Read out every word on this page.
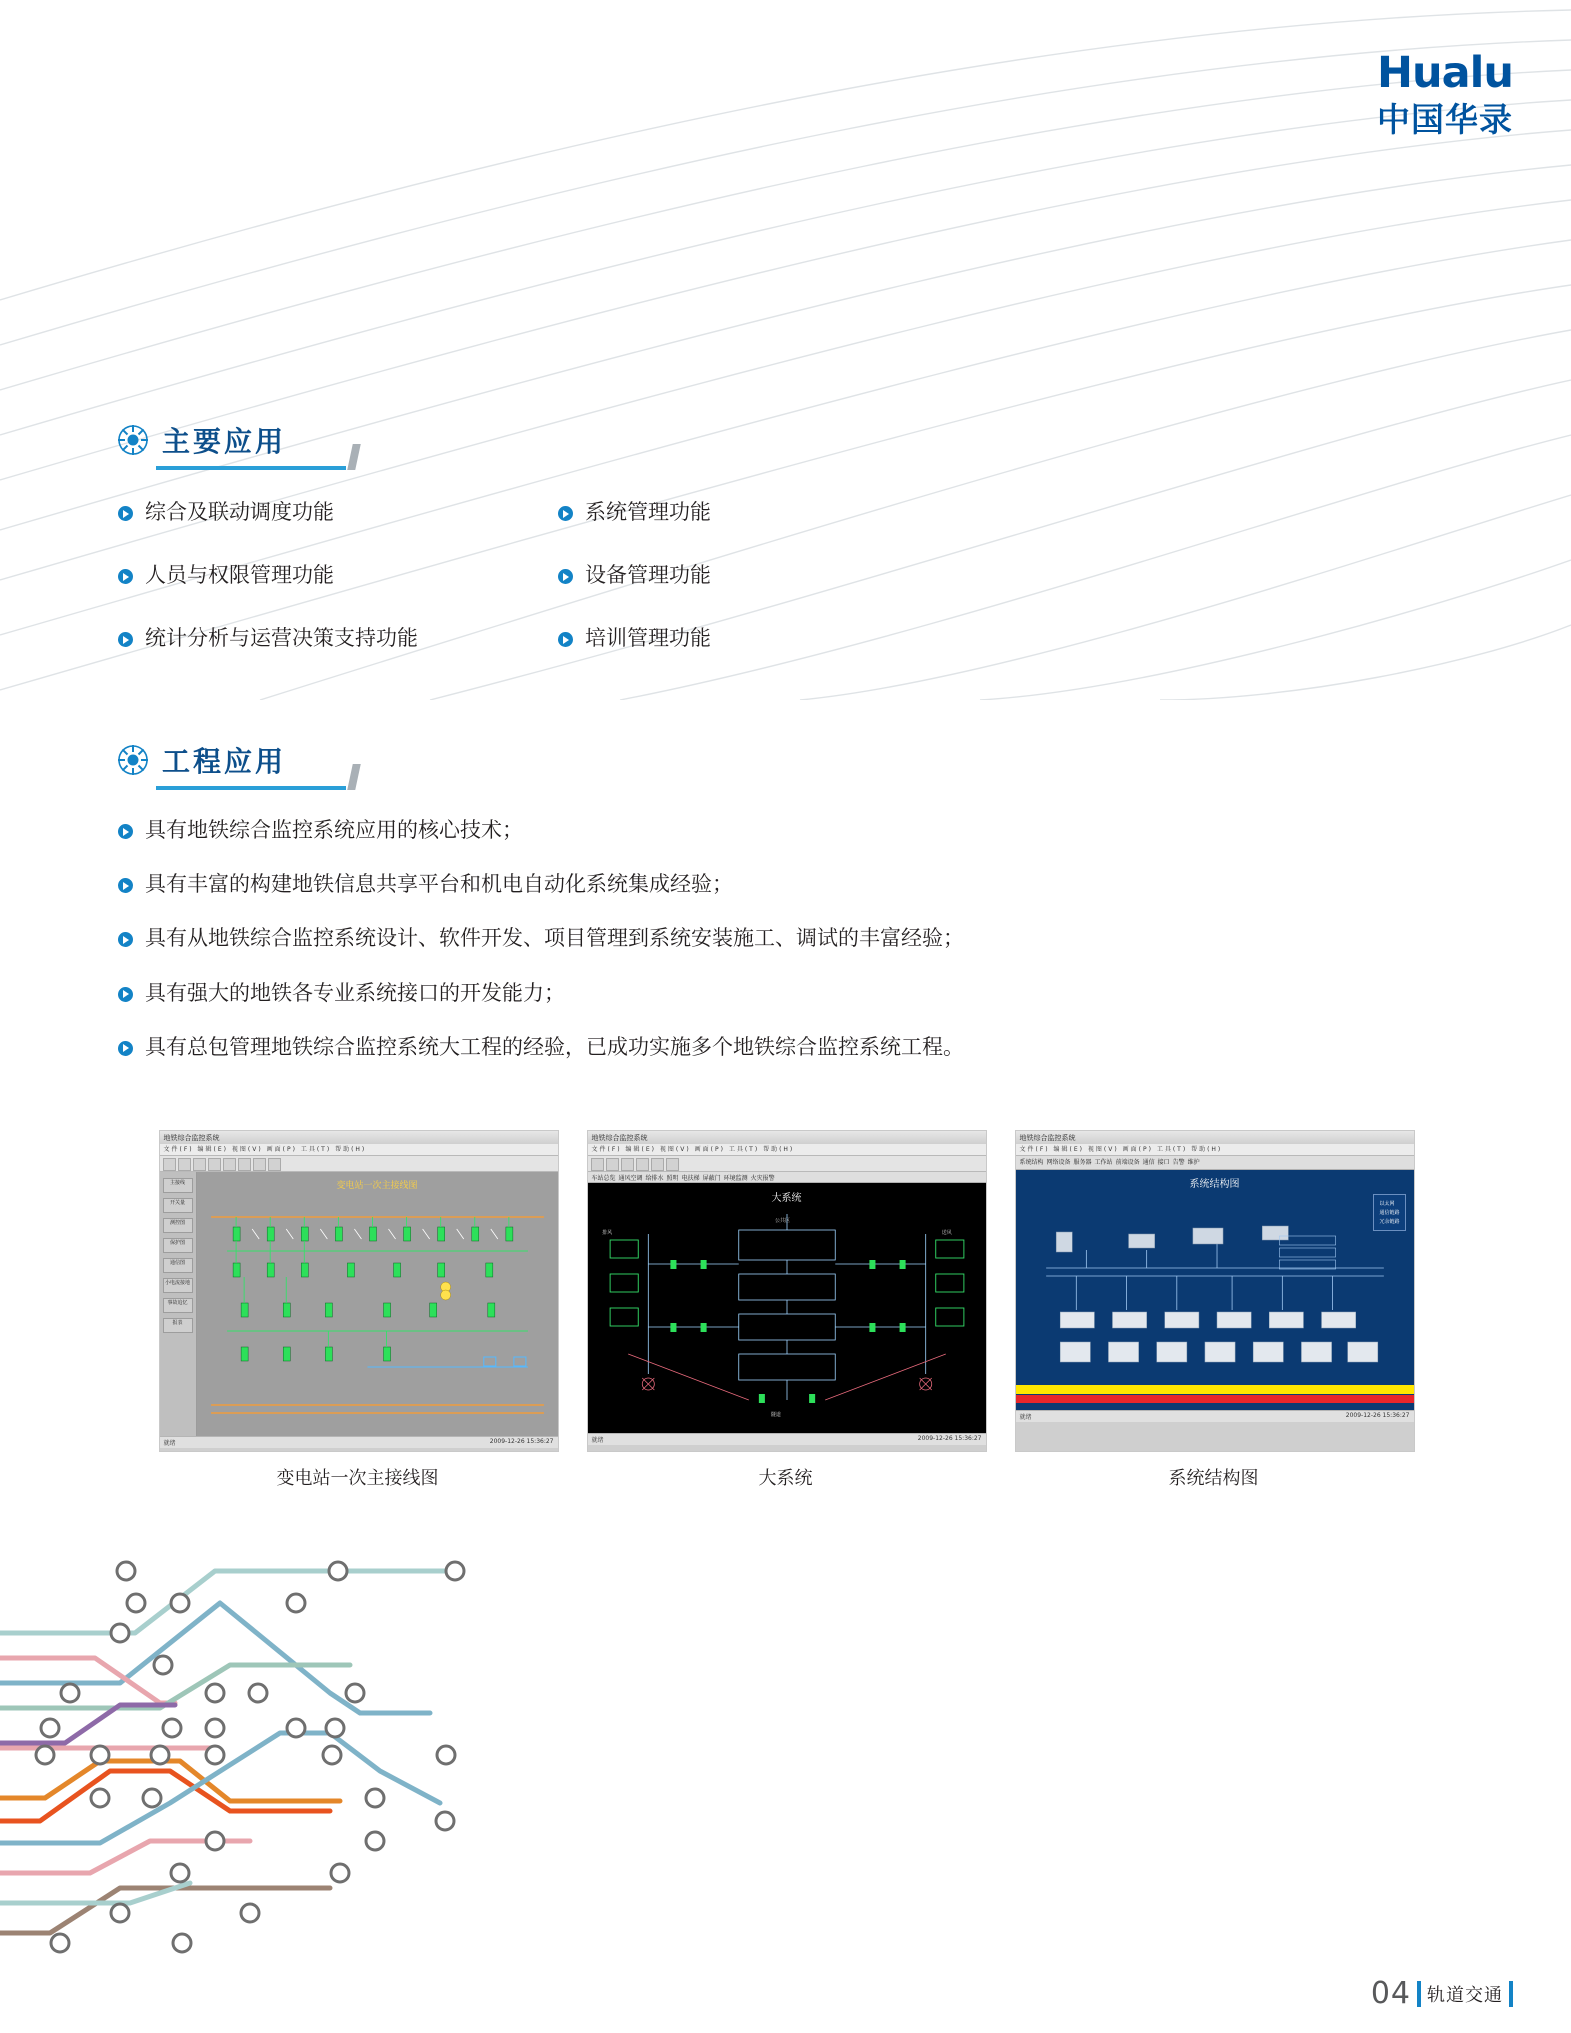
Hualu
中国华录
主要应用
综合及联动调度功能	系统管理功能
人员与权限管理功能	设备管理功能
统计分析与运营决策支持功能	培训管理功能
工程应用
具有地铁综合监控系统应用的核心技术；
具有丰富的构建地铁信息共享平台和机电自动化系统集成经验；
具有从地铁综合监控系统设计、软件开发、项目管理到系统安装施工、调试的丰富经验；
具有强大的地铁各专业系统接口的开发能力；
具有总包管理地铁综合监控系统大工程的经验，已成功实施多个地铁综合监控系统工程。
地铁综合监控系统
文件(F) 编辑(E) 视图(V) 画面(P) 工具(T) 帮助(H)
主接线
开关量
测控图
保护图
通信图
小电流接地
事故追忆
报表
变电站一次主接线图
就绪	2009-12-26 15:36:27
变电站一次主接线图
地铁综合监控系统
文件(F) 编辑(E) 视图(V) 画面(P) 工具(T) 帮助(H)
车站总览 通风空调 给排水 照明 电扶梯 屏蔽门 环境监测 火灾报警
大系统
公共区
排风	送风
隧道
就绪	2009-12-26 15:36:27
大系统
地铁综合监控系统
文件(F) 编辑(E) 视图(V) 画面(P) 工具(T) 帮助(H)
系统结构 网络设备 服务器 工作站 前端设备 通信 接口 告警 维护
系统结构图
以太网
通信链路
冗余链路
就绪	2009-12-26 15:36:27
系统结构图
04 轨道交通
